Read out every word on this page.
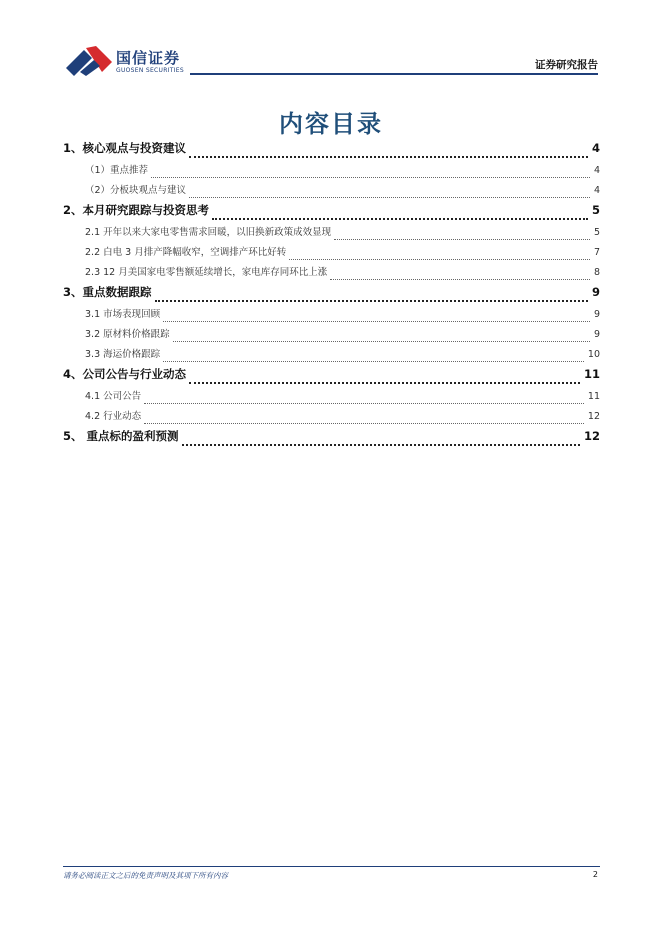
国信证券
GUOSEN SECURITIES	证券研究报告
内容目录
1、核心观点与投资建议	4
（1）重点推荐	4
（2）分板块观点与建议	4
2、本月研究跟踪与投资思考	5
2.1 开年以来大家电零售需求回暖，以旧换新政策成效显现	5
2.2 白电 3 月排产降幅收窄，空调排产环比好转	7
2.3 12 月美国家电零售额延续增长，家电库存同环比上涨	8
3、重点数据跟踪	9
3.1 市场表现回顾	9
3.2 原材料价格跟踪	9
3.3 海运价格跟踪	10
4、公司公告与行业动态	11
4.1 公司公告	11
4.2 行业动态	12
5、 重点标的盈利预测	12
请务必阅读正文之后的免责声明及其项下所有内容	2
